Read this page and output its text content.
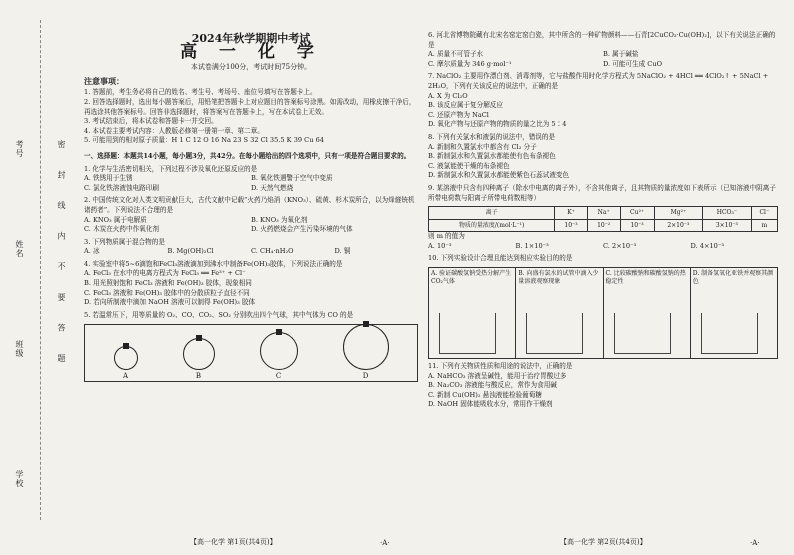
考号
姓名
班级
学校
密 封 线 内 不 要 答 题
2024年秋学期期中考试
高 一 化 学
本试卷满分100分，考试时间75分钟。
注意事项：

1. 答题前，考生务必将自己的姓名、考生号、考场号、座位号填写在答题卡上。

2. 回答选择题时，选出每小题答案后，用铅笔把答题卡上对应题目的答案标号涂黑。如需改动，用橡皮擦干净后，再选涂其他答案标号。回答非选择题时，将答案写在答题卡上，写在本试卷上无效。

3. 考试结束后，将本试卷和答题卡一并交回。

4. 本试卷主要考试内容：人教版必修第一册第一章、第二章。

5. 可能用到的相对原子质量：H 1 C 12 O 16 Na 23 S 32 Cl 35.5 K 39 Cu 64

一、选择题：本题共14小题，每小题3分，共42分。在每小题给出的四个选项中，只有一项是符合题目要求的。
1. 化学与生活密切相关，下列过程不涉及氧化还原反应的是
A. 铁锈用于生锈	B. 氧化铁遇警于空气中变质
C. 氯化铁溶液蚀电路印刷	D. 天然气燃烧
2. 中国传统文化对人类文明贡献巨大，古代文献中记载“火药乃焰消（KNO₃）、硫黄、杉木炭所合，以为烽燧铳机诸药者”。下列说法不合理的是
A. KNO₃ 属于电解质	B. KNO₃ 为氧化剂
C. 木炭在火药中作氧化剂	D. 火药燃烧会产生污染环境的气体
3. 下列物质属于混合物的是
A. 冰	B. Mg(OH)₂Cl	C. CH₄·nH₂O	D. 铜
4. 实验室中将5~6滴饱和FeCl₃溶液滴加到沸水中制备Fe(OH)₃胶体，下列说法正确的是
A. FeCl₃ 在水中的电离方程式为 FeCl₃ ══ Fe³⁺ + Cl⁻
B. 用光照射饱和 FeCl₃ 溶液和 Fe(OH)₃ 胶体，现象相同
C. FeCl₃ 溶液和 Fe(OH)₃ 胶体中的分散质粒子直径不同
D. 若向所制液中滴加 NaOH 溶液可以制得 Fe(OH)₃ 胶体
5. 若温常压下，用等质量的 O₂、CO、CO₂、SO₂ 分别吹出四个气球，其中气体为 CO 的是
A	B	C	D
6. 河北省博物院藏有北宋名窑定窑白瓷，其中所含的一种矿物颜料——石青[2CuCO₃·Cu(OH)₂]，以下有关说法正确的是
A. 质量不可管子水	B. 属于碱盐
C. 摩尔质量为 346 g·mol⁻¹	D. 可能可生成 CuO
7. NaClO₂ 主要用作漂白剂、消毒剂等，它与盐酸作用时化学方程式为 5NaClO₂ + 4HCl ══ 4ClO₂↑ + 5NaCl + 2H₂O，下列有关该反应的说法中，正确的是
A. X 为 Cl₂O
B. 该反应属于复分解反应
C. 还原产物为 NaCl
D. 氧化产物与还原产物的物质的量之比为 5∶4
8. 下列有关氯水和液氯的说法中，错误的是
A. 新制和久置氯水中都含有 Cl₂ 分子
B. 新制氯水和久置氯水都能使有色布条褪色
C. 液氯能使干燥的布条褪色
D. 新制氯水和久置氯水都能使紫色石蕊试液变色
9. 某溶液中只含有四种离子（除水中电离的离子外），不含其他离子，且其物质的量浓度如下表所示（已知溶液中阴离子所带电荷数与阳离子所带电荷数相等）
离子	K⁺	Na⁺	Cu²⁺	Mg²⁺	HCO₃⁻	Cl⁻
物质的量浓度/(mol·L⁻¹)	10⁻³	10⁻²	10⁻³	2×10⁻³	3×10⁻³	m
则 m 的值为
A. 10⁻³	B. 1×10⁻³	C. 2×10⁻³	D. 4×10⁻³
10. 下列实验设计合理且能达到相应实验目的的是
A. 验证碳酸氢钠受热分解产生CO₂气体
B. 向盛有氯水的试管中滴入少量溶液观察现象
C. 比较碳酸钠和碳酸氢钠的热稳定性
D. 制备氢氧化亚铁并观察其颜色
11. 下列有关物质性质和用途的说法中，正确的是
A. NaHCO₃ 溶液呈碱性，能用于治疗胃酸过多
B. Na₂CO₃ 溶液能与酸反应，常作为食用碱
C. 新制 Cu(OH)₂ 悬浊液能检验葡萄糖
D. NaOH 固体能吸收水分，常用作干燥剂
【高一化学 第1页(共4页)】	·A·	【高一化学 第2页(共4页)】	·A·
